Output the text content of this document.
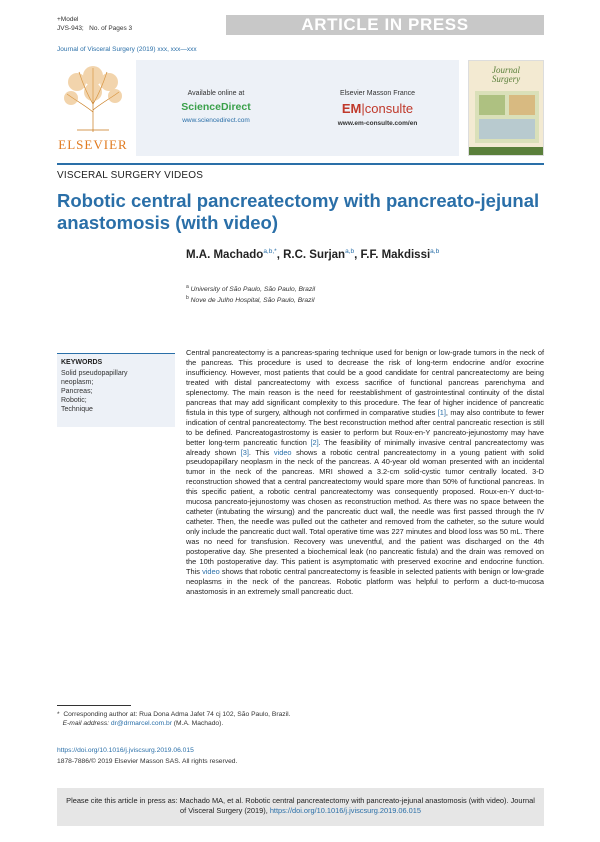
+Model
JVS-943; No. of Pages 3	ARTICLE IN PRESS
Journal of Visceral Surgery (2019) xxx, xxx—xxx
ELSEVIER
Available online at
ScienceDirect
www.sciencedirect.com
Elsevier Masson France
EM|consulte
www.em-consulte.com/en
Journal
Surgery
VISCERAL SURGERY VIDEOS
Robotic central pancreatectomy with pancreato-jejunal anastomosis (with video)
M.A. Machado$^{a,b,*}$, R.C. Surjan$^{a,b}$, F.F. Makdissi$^{a,b}$
$^a$ University of São Paulo, São Paulo, Brazil
$^b$ Nove de Julho Hospital, São Paulo, Brazil
KEYWORDS
Solid pseudopapillary
neoplasm;
Pancreas;
Robotic;
Technique
Central pancreatectomy is a pancreas-sparing technique used for benign or low-grade tumors in the neck of the pancreas. This procedure is used to decrease the risk of long-term endocrine and/or exocrine insufficiency. However, most patients that could be a good candidate for central pancreatectomy are being treated with distal pancreatectomy with excess sacrifice of functional pancreas parenchyma and splenectomy. The main reason is the need for reestablishment of gastrointestinal continuity of the distal pancreas that may add significant complexity to this procedure. The fear of higher incidence of pancreatic fistula in this type of surgery, although not confirmed in comparative studies [1], may also contribute to fewer indication of central pancreatectomy. The best reconstruction method after central pancreatic resection is still to be defined. Pancreatogastrostomy is easier to perform but Roux-en-Y pancreato-jejunostomy may have better long-term pancreatic function [2]. The feasibility of minimally invasive central pancreatectomy was already shown [3]. This video shows a robotic central pancreatectomy in a young patient with solid pseudopapillary neoplasm in the neck of the pancreas. A 40-year old woman presented with an incidental tumor in the neck of the pancreas. MRI showed a 3.2-cm solid-cystic tumor centrally located. 3-D reconstruction showed that a central pancreatectomy would spare more than 50% of functional pancreas. In this specific patient, a robotic central pancreatectomy was consequently proposed. Roux-en-Y duct-to-mucosa pancreato-jejunostomy was chosen as reconstruction method. As there was no space between the catheter (intubating the wirsung) and the pancreatic duct wall, the needle was first passed through the IV catheter. Then, the needle was pulled out the catheter and removed from the catheter, so the suture would only include the pancreatic duct wall. Total operative time was 227 minutes and blood loss was 50 mL. There was no need for transfusion. Recovery was uneventful, and the patient was discharged on the 4th postoperative day. She presented a biochemical leak (no pancreatic fistula) and the drain was removed on the 10th postoperative day. This patient is asymptomatic with preserved exocrine and endocrine function. This video shows that robotic central pancreatectomy is feasible in selected patients with benign or low-grade neoplasms in the neck of the pancreas. Robotic platform was helpful to perform a duct-to-mucosa anastomosis in an extremely small pancreatic duct.
* Corresponding author at: Rua Dona Adma Jafet 74 cj 102, São Paulo, Brazil.
E-mail address: dr@drmarcel.com.br (M.A. Machado).
https://doi.org/10.1016/j.jviscsurg.2019.06.015
1878-7886/© 2019 Elsevier Masson SAS. All rights reserved.
Please cite this article in press as: Machado MA, et al. Robotic central pancreatectomy with pancreato-jejunal anastomosis (with video). Journal of Visceral Surgery (2019), https://doi.org/10.1016/j.jviscsurg.2019.06.015
